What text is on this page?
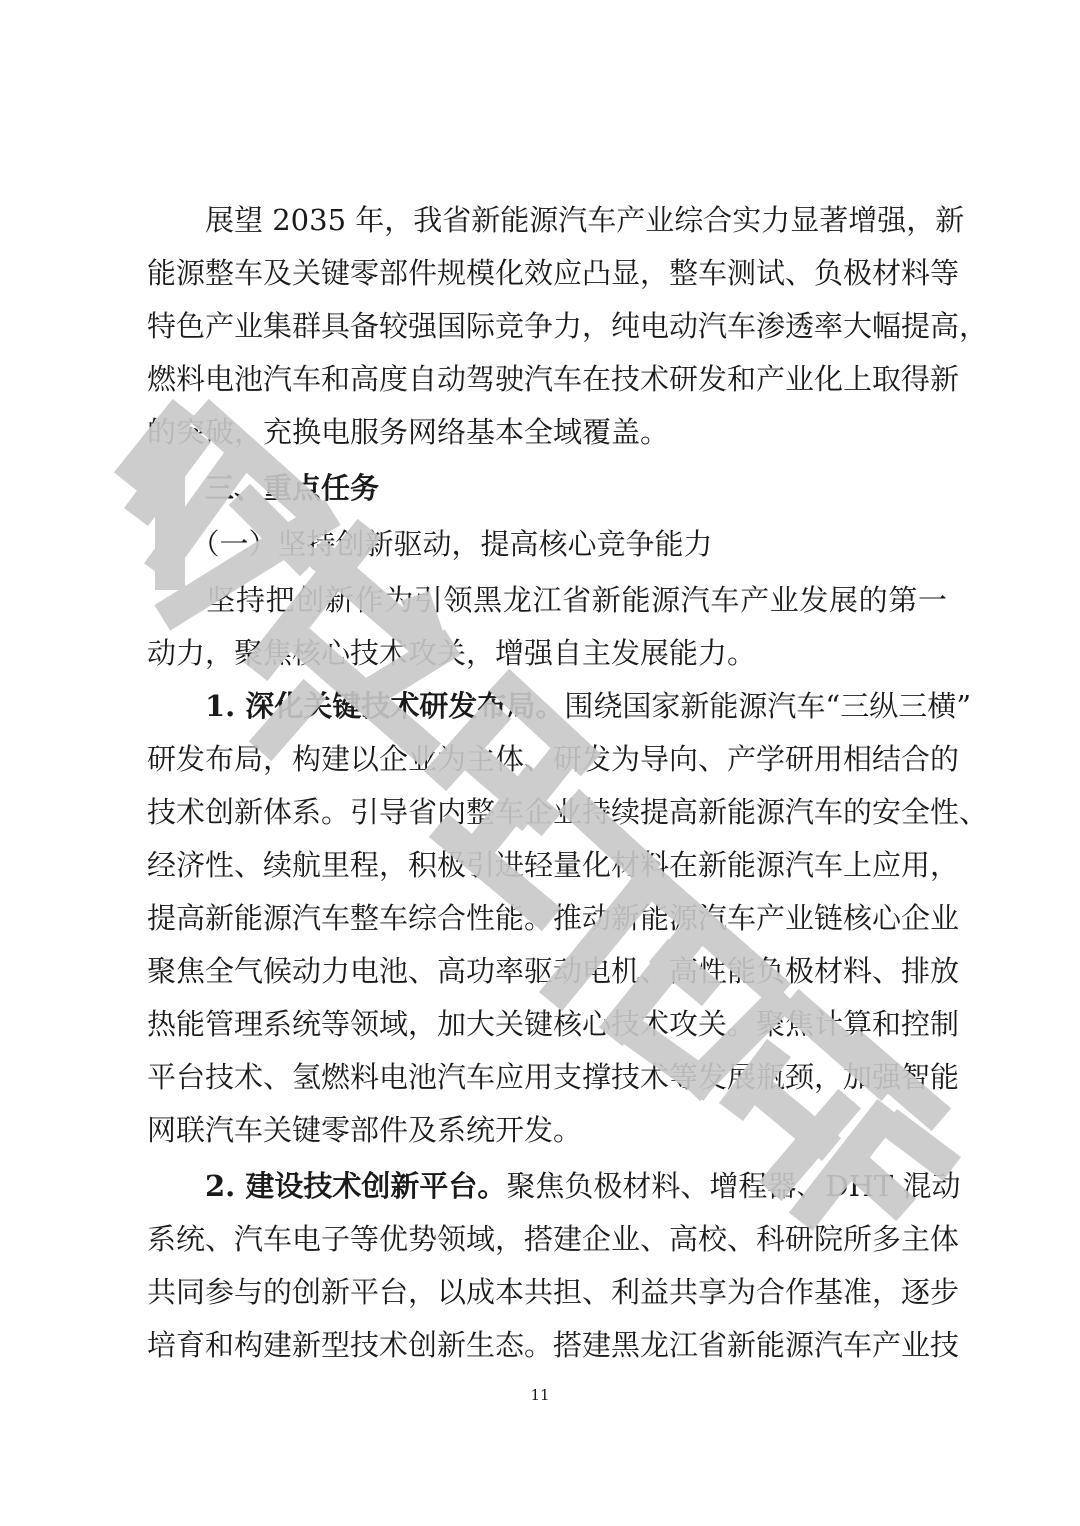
　　展望 2035 年，我省新能源汽车产业综合实力显著增强，新
能源整车及关键零部件规模化效应凸显，整车测试、负极材料等
特色产业集群具备较强国际竞争力，纯电动汽车渗透率大幅提高，
燃料电池汽车和高度自动驾驶汽车在技术研发和产业化上取得新
的突破，充换电服务网络基本全域覆盖。
　　三、重点任务
　　（一）坚持创新驱动，提高核心竞争能力
　　坚持把创新作为引领黑龙江省新能源汽车产业发展的第一
动力，聚焦核心技术攻关，增强自主发展能力。
　　1. 深化关键技术研发布局。围绕国家新能源汽车“三纵三横”
研发布局，构建以企业为主体、研发为导向、产学研用相结合的
技术创新体系。引导省内整车企业持续提高新能源汽车的安全性、
经济性、续航里程，积极引进轻量化材料在新能源汽车上应用，
提高新能源汽车整车综合性能。推动新能源汽车产业链核心企业
聚焦全气候动力电池、高功率驱动电机、高性能负极材料、排放
热能管理系统等领域，加大关键核心技术攻关。聚焦计算和控制
平台技术、氢燃料电池汽车应用支撑技术等发展瓶颈，加强智能
网联汽车关键零部件及系统开发。
　　2. 建设技术创新平台。聚焦负极材料、增程器、DHT 混动
系统、汽车电子等优势领域，搭建企业、高校、科研院所多主体
共同参与的创新平台，以成本共担、利益共享为合作基准，逐步
培育和构建新型技术创新生态。搭建黑龙江省新能源汽车产业技
11
